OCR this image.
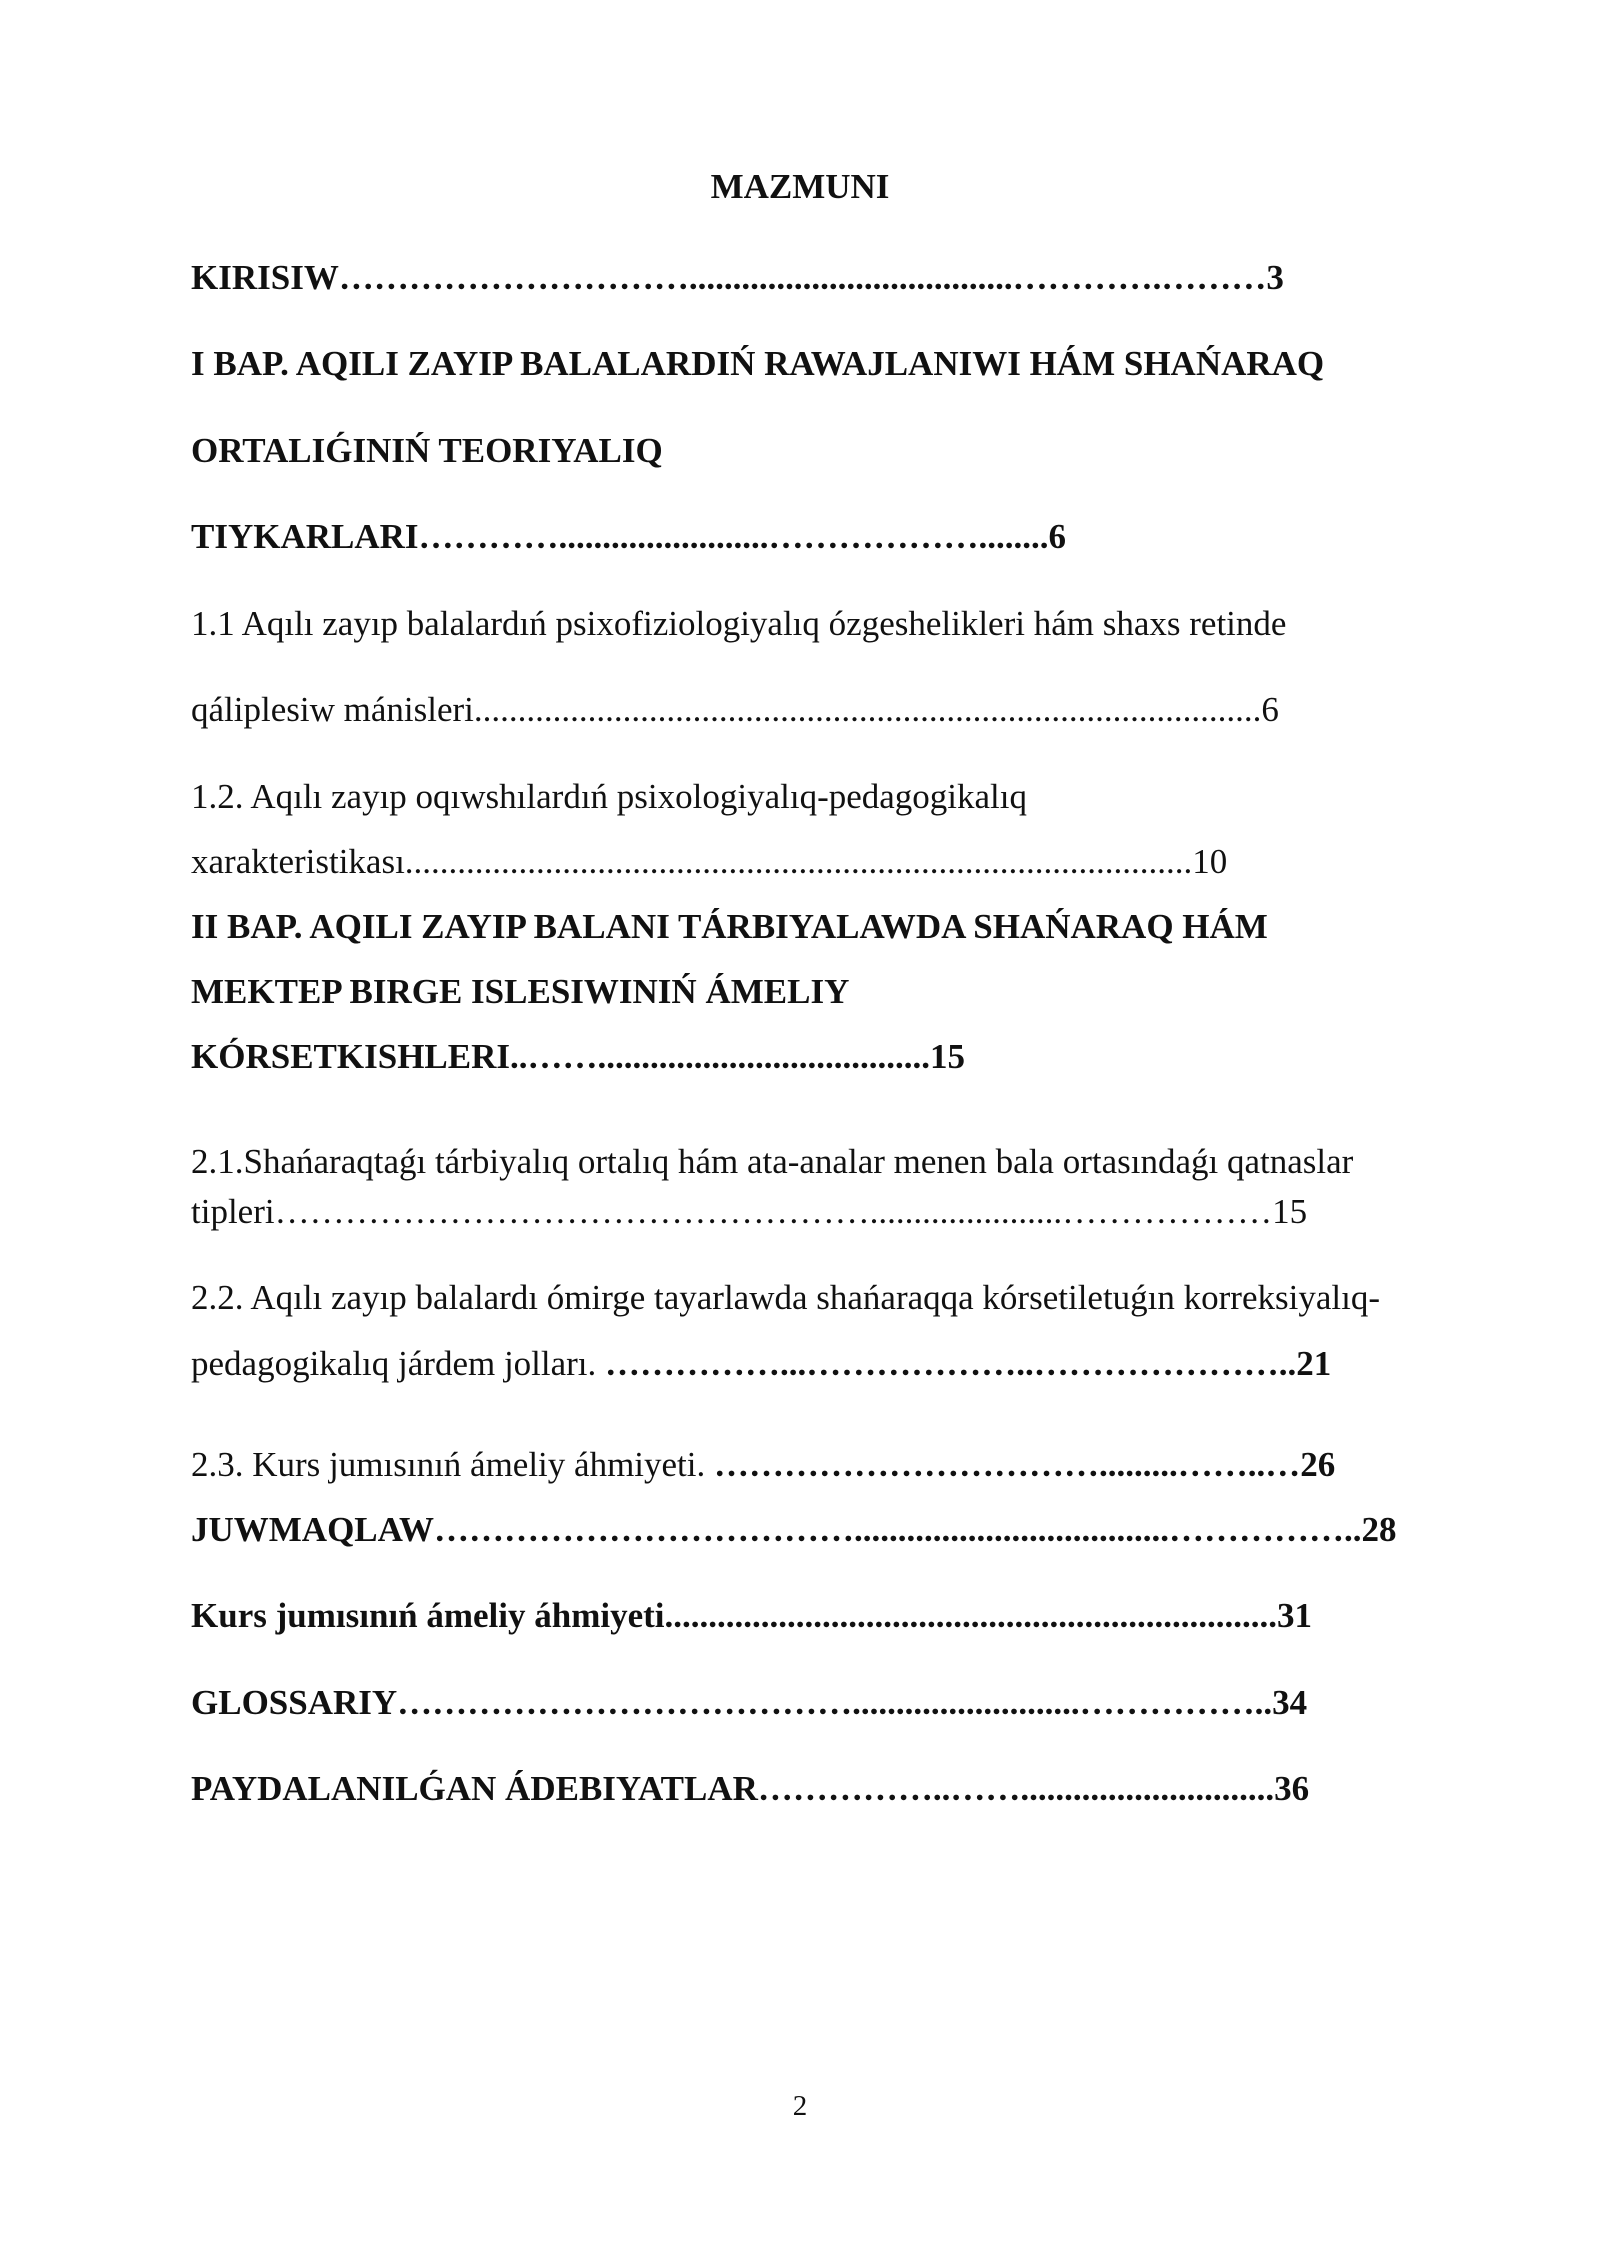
MAZMUNI
KIRISIW………………………….....................................………….………3
I BAP. AQILI ZAYIP BALALARDIŃ RAWAJLANIWI HÁM SHAŃARAQ
ORTALIǴINIŃ TEORIYALIQ
TIYKARLARI…………........................………………........6
1.1 Aqılı zayıp balalardıń psixofiziologiyalıq ózgeshelikleri hám shaxs retinde
qáliplesiw mánisleri..........................................................................................6
1.2. Aqılı zayıp oqıwshılardıń psixologiyalıq-pedagogikalıq
xarakteristikası..........................................................................................10
II BAP. AQILI ZAYIP BALANI TÁRBIYALAWDA SHAŃARAQ HÁM
MEKTEP BIRGE ISLESIWINIŃ ÁMELIY
KÓRSETKISHLERI..……......................................15
2.1.Shańaraqtaǵı tárbiyalıq ortalıq hám ata-analar menen bala ortasındaǵı qatnaslar
tipleri……………………………………………......................………………15
2.2. Aqılı zayıp balalardı ómirge tayarlawda shańaraqqa kórsetiletuǵın korreksiyalıq-
pedagogikalıq járdem jolları. ……………...………………..…………………..21
2.3. Kurs jumısınıń ámeliy áhmiyeti. …………………………….........……..…26
JUWMAQLAW………………………………....................................……………..28
Kurs jumısınıń ámeliy áhmiyeti......................................................................31
GLOSSARIY…………………………………..........................……………..34
PAYDALANILǴAN ÁDEBIYATLAR……………..…….............................36
2
